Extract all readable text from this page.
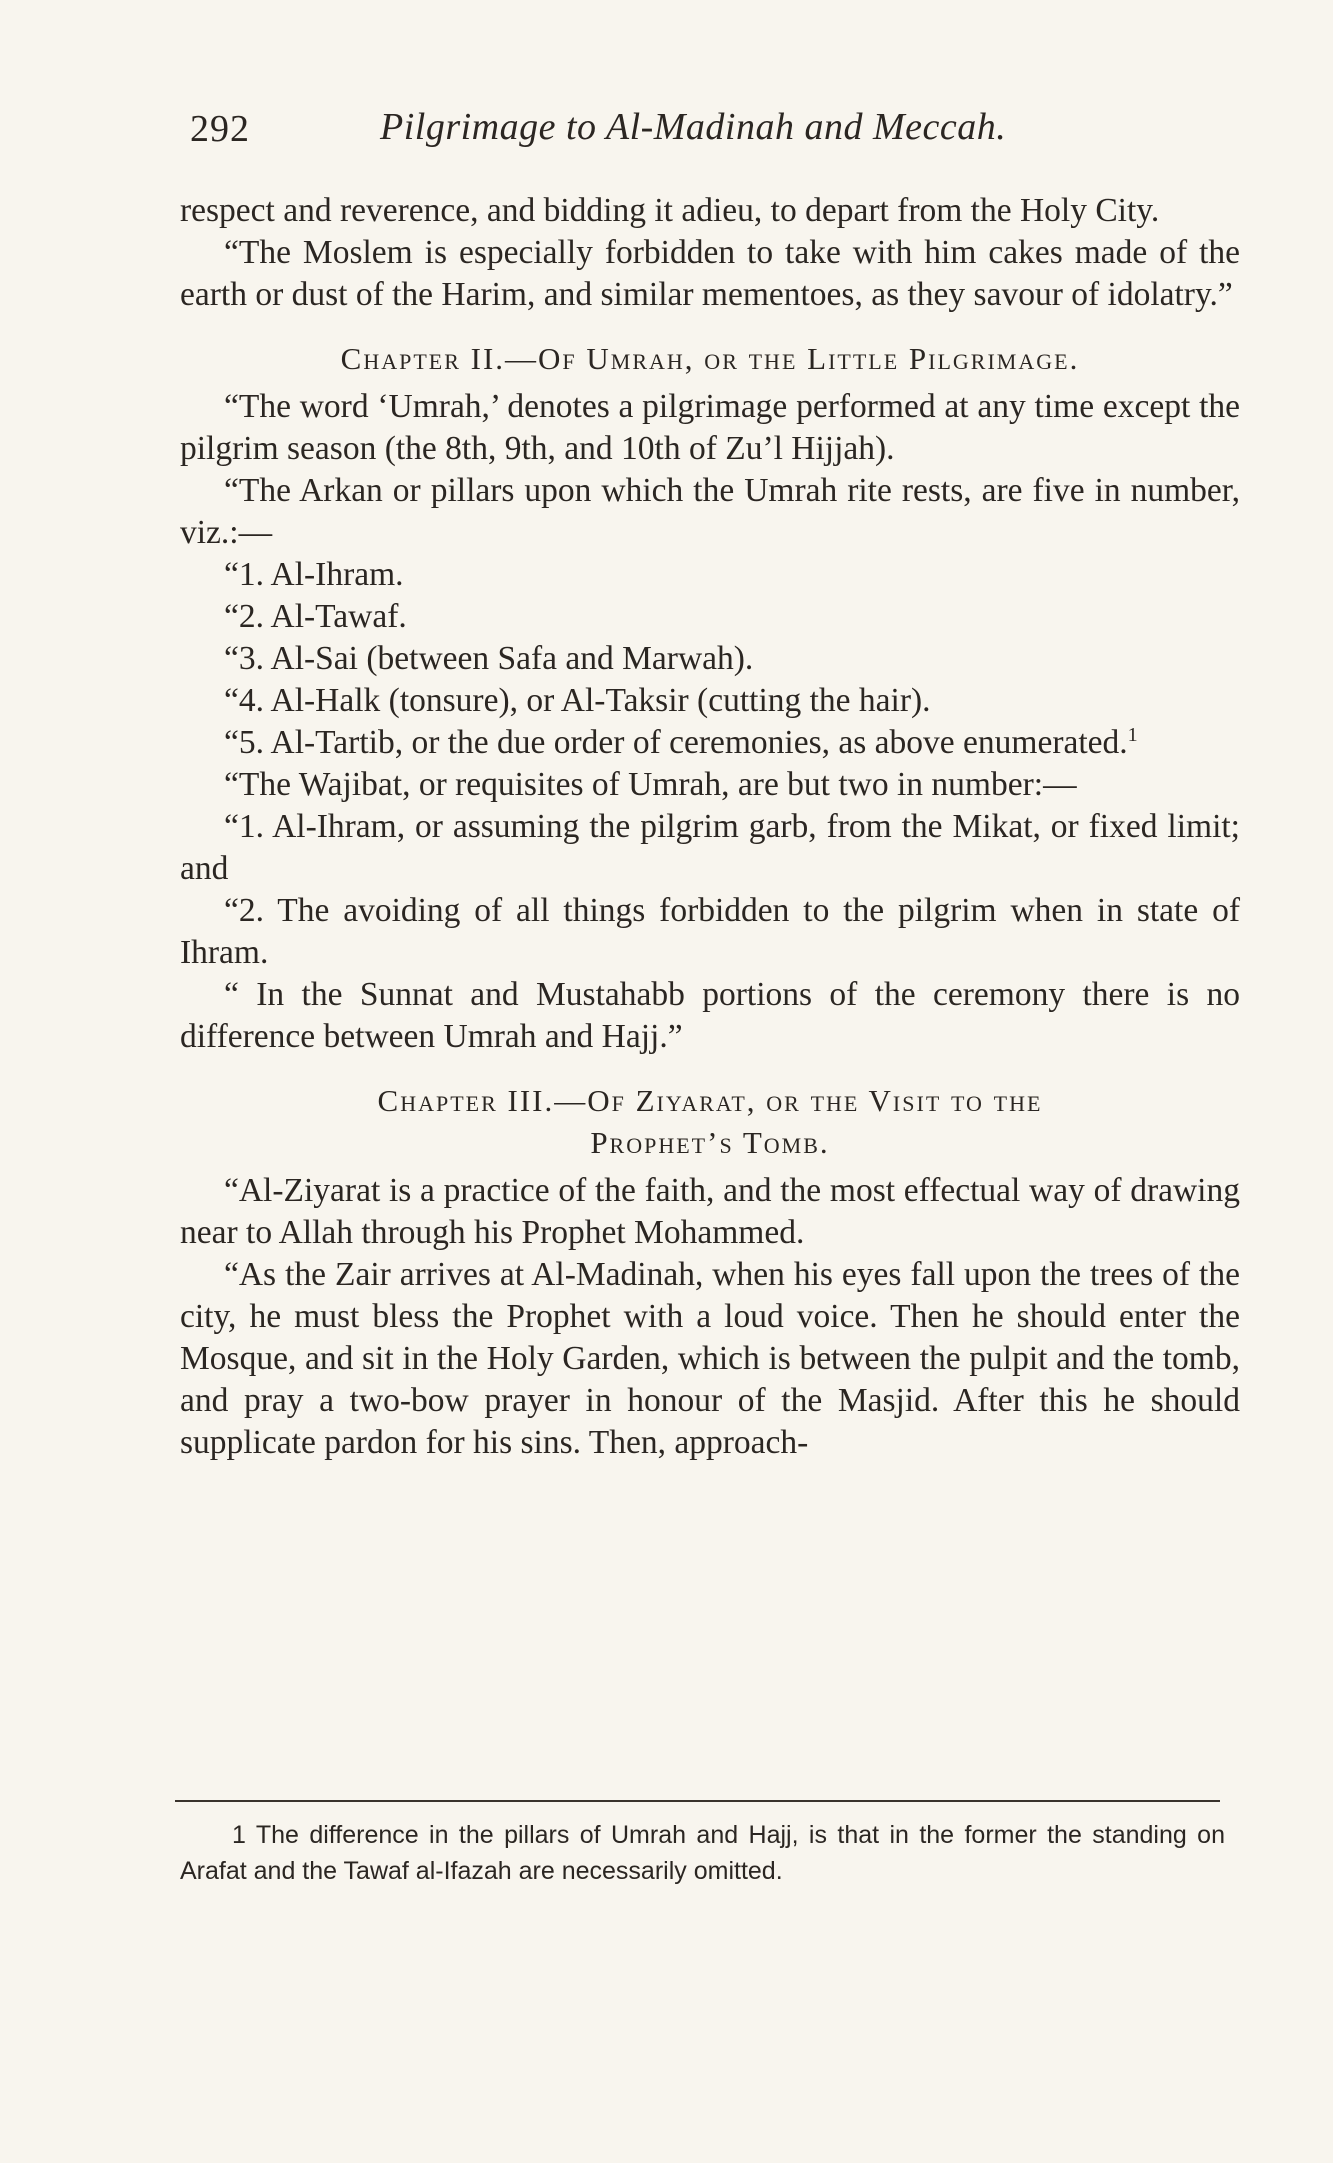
292	Pilgrimage to Al-Madinah and Meccah.

respect and reverence, and bidding it adieu, to depart from the Holy City.

“The Moslem is especially forbidden to take with him cakes made of the earth or dust of the Harim, and similar mementoes, as they savour of idolatry.”

Chapter II.—Of Umrah, or the Little Pilgrimage.

“The word ‘Umrah,’ denotes a pilgrimage performed at any time except the pilgrim season (the 8th, 9th, and 10th of Zu’l Hijjah).

“The Arkan or pillars upon which the Umrah rite rests, are five in number, viz.:—

“1. Al-Ihram.

“2. Al-Tawaf.

“3. Al-Sai (between Safa and Marwah).

“4. Al-Halk (tonsure), or Al-Taksir (cutting the hair).

“5. Al-Tartib, or the due order of ceremonies, as above enumerated.$^1$

“The Wajibat, or requisites of Umrah, are but two in number:—

“1. Al-Ihram, or assuming the pilgrim garb, from the Mikat, or fixed limit; and

“2. The avoiding of all things forbidden to the pilgrim when in state of Ihram.

“ In the Sunnat and Mustahabb portions of the ceremony there is no difference between Umrah and Hajj.”

Chapter III.—Of Ziyarat, or the Visit to the

Prophet’s Tomb.

“Al-Ziyarat is a practice of the faith, and the most effectual way of drawing near to Allah through his Prophet Mohammed.

“As the Zair arrives at Al-Madinah, when his eyes fall upon the trees of the city, he must bless the Prophet with a loud voice. Then he should enter the Mosque, and sit in the Holy Garden, which is between the pulpit and the tomb, and pray a two-bow prayer in honour of the Masjid. After this he should supplicate pardon for his sins. Then, approach-

1 The difference in the pillars of Umrah and Hajj, is that in the former the standing on Arafat and the Tawaf al-Ifazah are necessarily omitted.
